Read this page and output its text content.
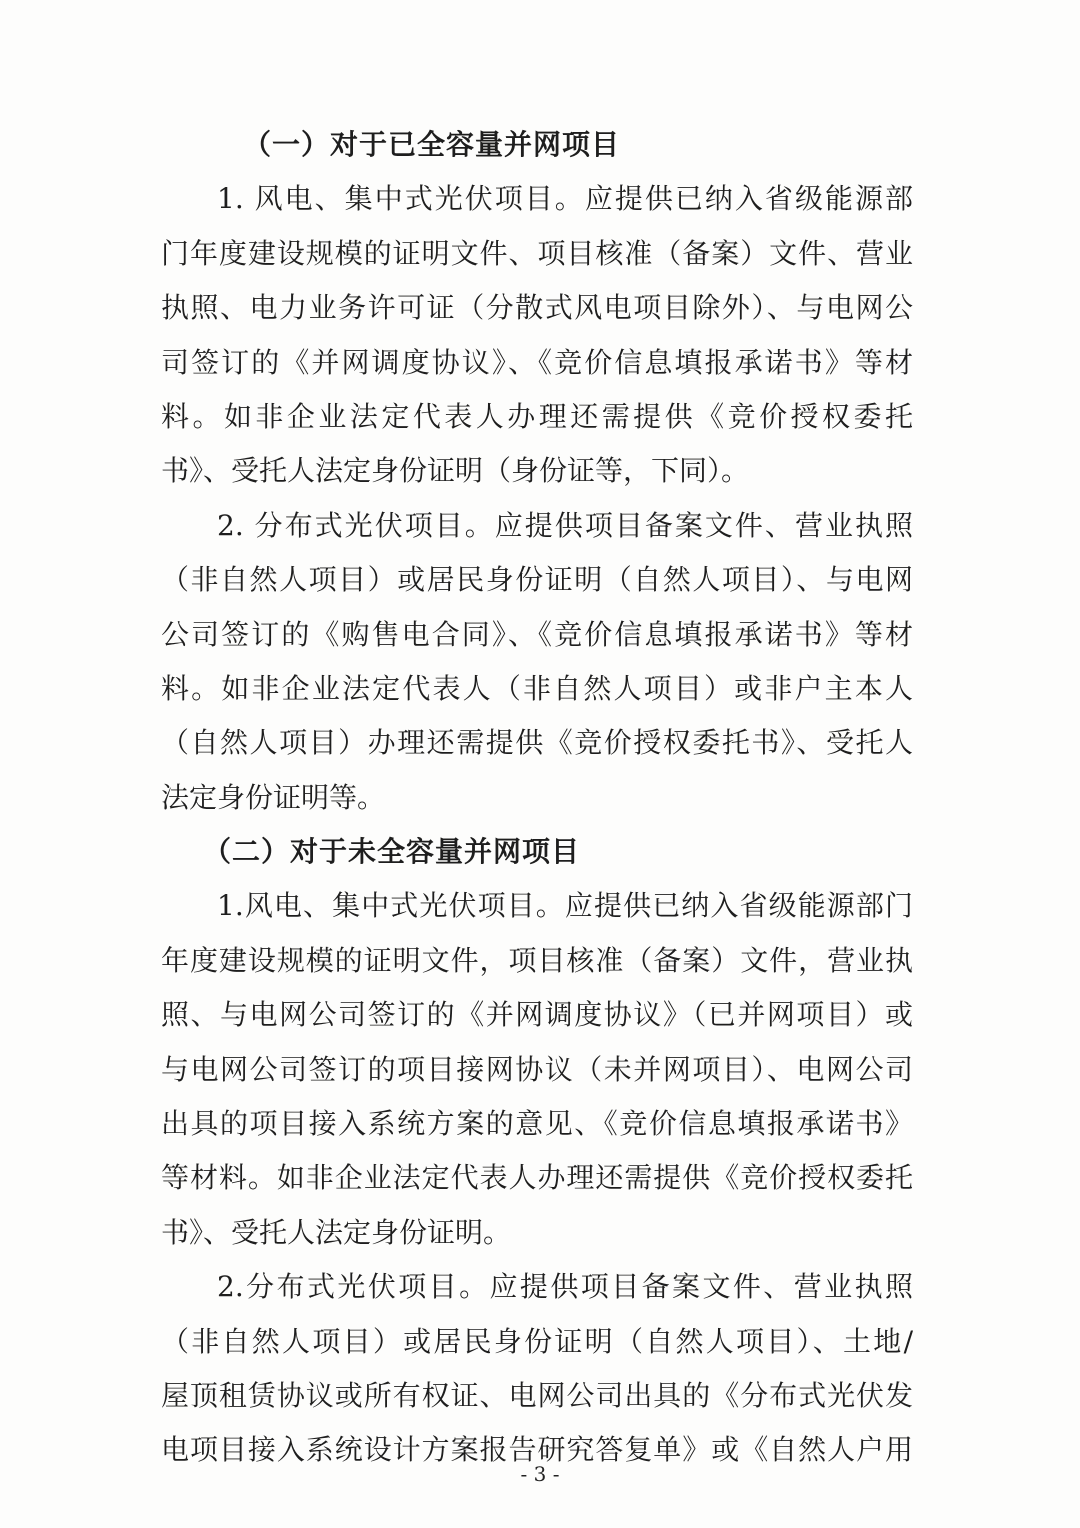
（一）对于已全容量并网项目
1. 风电、集中式光伏项目。应提供已纳入省级能源部
门年度建设规模的证明文件、项目核准（备案）文件、营业
执照、电力业务许可证（分散式风电项目除外）、与电网公
司签订的《并网调度协议》、《竞价信息填报承诺书》等材
料。如非企业法定代表人办理还需提供《竞价授权委托
书》、受托人法定身份证明（身份证等，下同）。
2. 分布式光伏项目。应提供项目备案文件、营业执照
（非自然人项目）或居民身份证明（自然人项目）、与电网
公司签订的《购售电合同》、《竞价信息填报承诺书》等材
料。如非企业法定代表人（非自然人项目）或非户主本人
（自然人项目）办理还需提供《竞价授权委托书》、受托人
法定身份证明等。
（二）对于未全容量并网项目
1.风电、集中式光伏项目。应提供已纳入省级能源部门
年度建设规模的证明文件，项目核准（备案）文件，营业执
照、与电网公司签订的《并网调度协议》（已并网项目）或
与电网公司签订的项目接网协议（未并网项目）、电网公司
出具的项目接入系统方案的意见、《竞价信息填报承诺书》
等材料。如非企业法定代表人办理还需提供《竞价授权委托
书》、受托人法定身份证明。
2.分布式光伏项目。应提供项目备案文件、营业执照
（非自然人项目）或居民身份证明（自然人项目）、土地/
屋顶租赁协议或所有权证、电网公司出具的《分布式光伏发
电项目接入系统设计方案报告研究答复单》或《自然人户用
- 3 -
